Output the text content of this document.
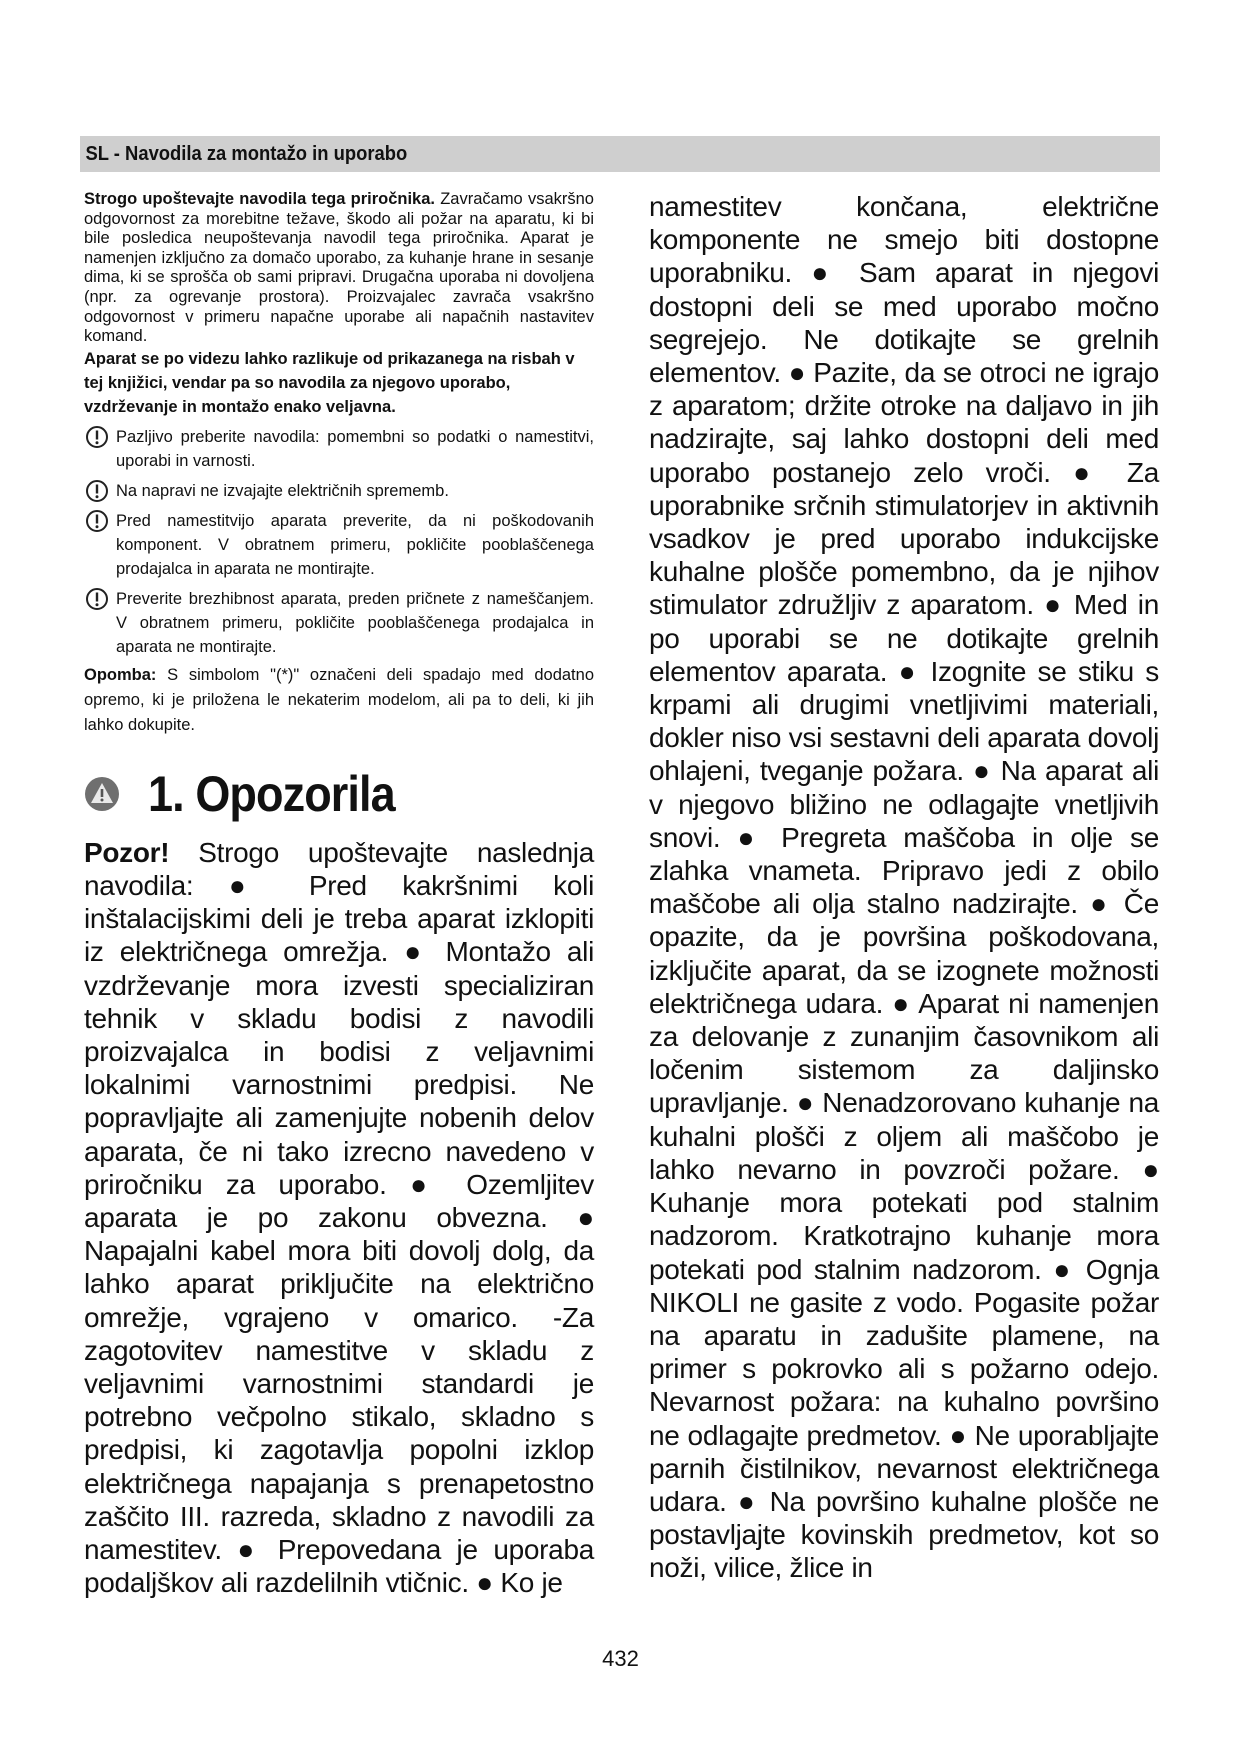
SL - Navodila za montažo in uporabo

Strogo upoštevajte navodila tega priročnika. Zavračamo vsakršno odgovornost za morebitne težave, škodo ali požar na aparatu, ki bi bile posledica neupoštevanja navodil tega priročnika. Aparat je namenjen izključno za domačo uporabo, za kuhanje hrane in sesanje dima, ki se sprošča ob sami pripravi. Drugačna uporaba ni dovoljena (npr. za ogrevanje prostora). Proizvajalec zavrača vsakršno odgovornost v primeru napačne uporabe ali napačnih nastavitev komand.

Aparat se po videzu lahko razlikuje od prikazanega na risbah v tej knjižici, vendar pa so navodila za njegovo uporabo, vzdrževanje in montažo enako veljavna.

Pazljivo preberite navodila: pomembni so podatki o namestitvi, uporabi in varnosti.
Na napravi ne izvajajte električnih sprememb.
Pred namestitvijo aparata preverite, da ni poškodovanih komponent. V obratnem primeru, pokličite pooblaščenega prodajalca in aparata ne montirajte.
Preverite brezhibnost aparata, preden pričnete z nameščanjem. V obratnem primeru, pokličite pooblaščenega prodajalca in aparata ne montirajte.

Opomba: S simbolom "(*)" označeni deli spadajo med dodatno opremo, ki je priložena le nekaterim modelom, ali pa to deli, ki jih lahko dokupite.

1. Opozorila

Pozor! Strogo upoštevajte naslednja navodila: ● Pred kakršnimi koli inštalacijskimi deli je treba aparat izklopiti iz električnega omrežja. ● Montažo ali vzdrževanje mora izvesti specializiran tehnik v skladu bodisi z navodili proizvajalca in bodisi z veljavnimi lokalnimi varnostnimi predpisi. Ne popravljajte ali zamenjujte nobenih delov aparata, če ni tako izrecno navedeno v priročniku za uporabo. ● Ozemljitev aparata je po zakonu obvezna. ● Napajalni kabel mora biti dovolj dolg, da lahko aparat priključite na električno omrežje, vgrajeno v omarico. -Za zagotovitev namestitve v skladu z veljavnimi varnostnimi standardi je potrebno večpolno stikalo, skladno s predpisi, ki zagotavlja popolni izklop električnega napajanja s prenapetostno zaščito III. razreda, skladno z navodili za namestitev. ● Prepovedana je uporaba podaljškov ali razdelilnih vtičnic. ● Ko je

namestitev končana, električne komponente ne smejo biti dostopne uporabniku. ● Sam aparat in njegovi dostopni deli se med uporabo močno segrejejo. Ne dotikajte se grelnih elementov. ● Pazite, da se otroci ne igrajo z aparatom; držite otroke na daljavo in jih nadzirajte, saj lahko dostopni deli med uporabo postanejo zelo vroči. ● Za uporabnike srčnih stimulatorjev in aktivnih vsadkov je pred uporabo indukcijske kuhalne plošče pomembno, da je njihov stimulator združljiv z aparatom. ● Med in po uporabi se ne dotikajte grelnih elementov aparata. ● Izognite se stiku s krpami ali drugimi vnetljivimi materiali, dokler niso vsi sestavni deli aparata dovolj ohlajeni, tveganje požara. ● Na aparat ali v njegovo bližino ne odlagajte vnetljivih snovi. ● Pregreta maščoba in olje se zlahka vnameta. Pripravo jedi z obilo maščobe ali olja stalno nadzirajte. ● Če opazite, da je površina poškodovana, izključite aparat, da se izognete možnosti električnega udara. ● Aparat ni namenjen za delovanje z zunanjim časovnikom ali ločenim sistemom za daljinsko upravljanje. ● Nenadzorovano kuhanje na kuhalni plošči z oljem ali maščobo je lahko nevarno in povzroči požare. ● Kuhanje mora potekati pod stalnim nadzorom. Kratkotrajno kuhanje mora potekati pod stalnim nadzorom. ● Ognja NIKOLI ne gasite z vodo. Pogasite požar na aparatu in zadušite plamene, na primer s pokrovko ali s požarno odejo. Nevarnost požara: na kuhalno površino ne odlagajte predmetov. ● Ne uporabljajte parnih čistilnikov, nevarnost električnega udara. ● Na površino kuhalne plošče ne postavljajte kovinskih predmetov, kot so noži, vilice, žlice in

432
